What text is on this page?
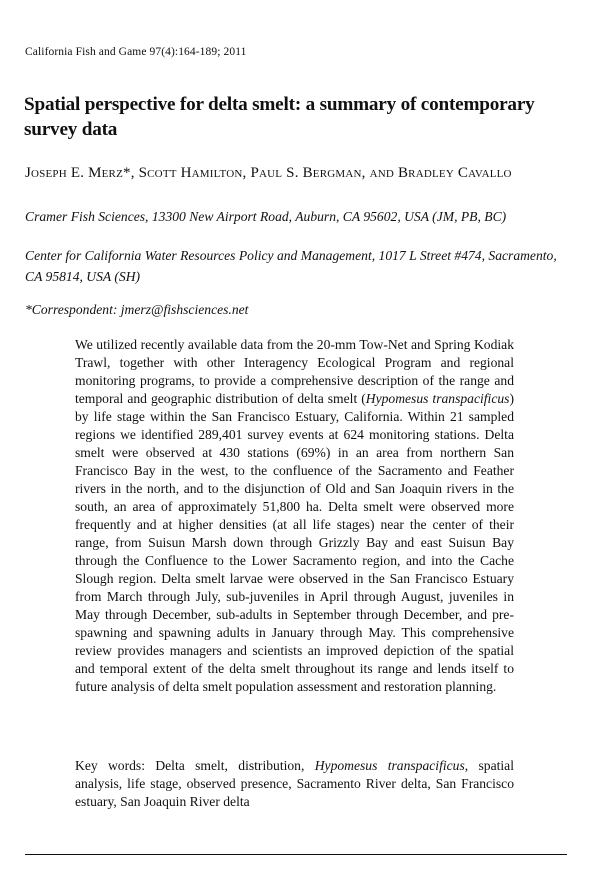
California Fish and Game 97(4):164-189; 2011
Spatial perspective for delta smelt: a summary of contemporary survey data
Joseph E. Merz*, Scott Hamilton, Paul S. Bergman, and Bradley Cavallo
Cramer Fish Sciences, 13300 New Airport Road, Auburn, CA 95602, USA (JM, PB, BC)
Center for California Water Resources Policy and Management, 1017 L Street #474, Sacramento, CA 95814, USA (SH)
*Correspondent: jmerz@fishsciences.net
We utilized recently available data from the 20-mm Tow-Net and Spring Kodiak Trawl, together with other Interagency Ecological Program and regional monitoring programs, to provide a comprehensive description of the range and temporal and geographic distribution of delta smelt (Hypomesus transpacificus) by life stage within the San Francisco Estuary, California. Within 21 sampled regions we identified 289,401 survey events at 624 monitoring stations. Delta smelt were observed at 430 stations (69%) in an area from northern San Francisco Bay in the west, to the confluence of the Sacramento and Feather rivers in the north, and to the disjunction of Old and San Joaquin rivers in the south, an area of approximately 51,800 ha. Delta smelt were observed more frequently and at higher densities (at all life stages) near the center of their range, from Suisun Marsh down through Grizzly Bay and east Suisun Bay through the Confluence to the Lower Sacramento region, and into the Cache Slough region. Delta smelt larvae were observed in the San Francisco Estuary from March through July, sub-juveniles in April through August, juveniles in May through December, sub-adults in September through December, and pre-spawning and spawning adults in January through May. This comprehensive review provides managers and scientists an improved depiction of the spatial and temporal extent of the delta smelt throughout its range and lends itself to future analysis of delta smelt population assessment and restoration planning.
Key words: Delta smelt, distribution, Hypomesus transpacificus, spatial analysis, life stage, observed presence, Sacramento River delta, San Francisco estuary, San Joaquin River delta
